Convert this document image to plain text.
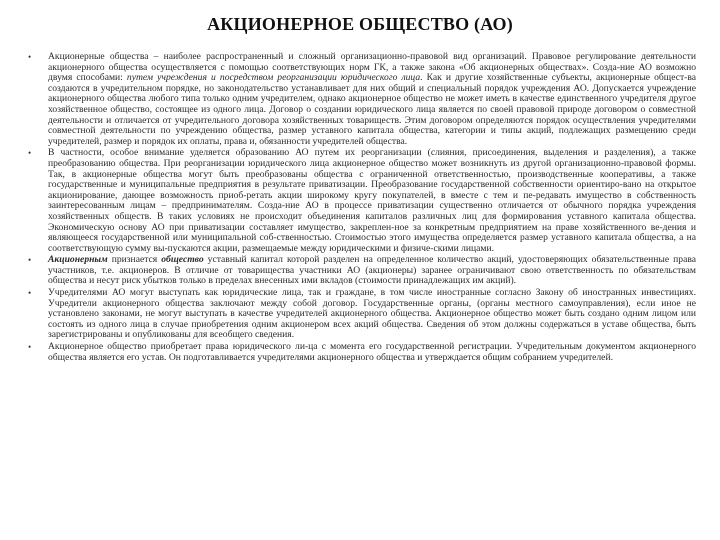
АКЦИОНЕРНОЕ ОБЩЕСТВО (АО)
•	Акционерные общества – наиболее распространенный и сложный организационно-правовой вид организаций. Правовое регулирование деятельности акционерного общества осуществляется с помощью соответствующих норм ГК, а также закона «Об акционерных обществах». Созда-ние АО возможно двумя способами: путем учреждения и посредством реорганизации юридического лица. Как и другие хозяйственные субъекты, акционерные общест-ва создаются в учредительном порядке, но законодательство устанавливает для них общий и специальный порядок учреждения АО. Допускается учреждение акционерного общества любого типа только одним учредителем, однако акционерное общество не может иметь в качестве единственного учредителя другое хозяйственное общество, состоящее из одного лица. Договор о создании юридического лица является по своей правовой природе договором о совместной деятельности и отличается от учредительного договора хозяйственных товариществ. Этим договором определяются порядок осуществления учредителями совместной деятельности по учреждению общества, размер уставного капитала общества, категории и типы акций, подлежащих размещению среди учредителей, размер и порядок их оплаты, права и, обязанности учредителей общества.
•	В частности, особое внимание уделяется образованию АО путем их реорганизации (слияния, присоединения, выделения и разделения), а также преобразованию общества. При реорганизации юридического лица акционерное общество может возникнуть из другой организационно-правовой формы. Так, в акционерные общества могут быть преобразованы общества с ограниченной ответственностью, производственные кооперативы, а также государственные и муниципальные предприятия в результате приватизации. Преобразование государственной собственности ориентиро-вано на открытое акционирование, дающее возможность приоб-ретать акции широкому кругу покупателей, в вместе с тем и пе-редавать имущество в собственность заинтересованным лицам – предпринимателям. Созда-ние АО в процессе приватизации существенно отличается от обычного порядка учреждения хозяйственных обществ. В таких условиях не происходит объединения капиталов различных лиц для формирования уставного капитала общества. Экономическую основу АО при приватизации составляет имущество, закреплен-ное за конкретным предприятием на праве хозяйственного ве-дения и являющееся государственной или муниципальной соб-ственностью. Стоимостью этого имущества определяется размер уставного капитала общества, а на соответствующую сумму вы-пускаются акции, размещаемые между юридическими и физиче-скими лицами.
•	Акционерным признается общество уставный капитал которой разделен на определенное количество акций, удостоверяющих обязательственные права участников, т.е. акционеров. В отличие от товарищества участники АО (акционеры) заранее ограничивают свою ответственность по обязательствам общества и несут риск убытков только в пределах внесенных ими вкладов (стоимости принадлежащих им акций).
•	Учредителями АО могут выступать как юридические лица, так и граждане, в том числе иностранные согласно Закону об иностранных инвестициях. Учредители акционерного общества заключают между собой договор. Государственные органы, (органы местного самоуправления), если иное не установлено законами, не могут выступать в качестве учредителей акционерного общества. Акционерное общество может быть создано одним лицом или состоять из одного лица в случае приобретения одним акционером всех акций общества. Сведения об этом должны содержаться в уставе общества, быть зарегистрированы и опубликованы для всеобщего сведения.
•	Акционерное общество приобретает права юридического ли-ца с момента его государственной регистрации. Учредительным документом акционерного общества является его устав. Он подготавливается учредителями акционерного общества и утверждается общим собранием учредителей.
